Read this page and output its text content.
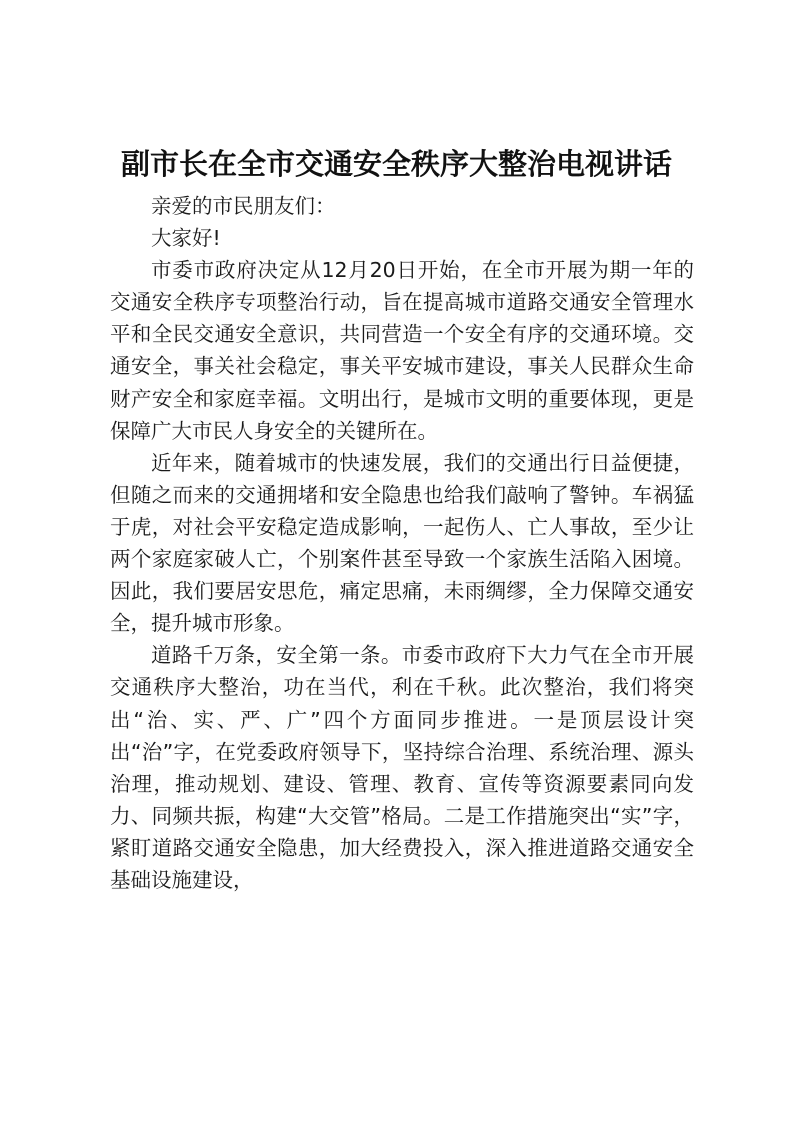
副市长在全市交通安全秩序大整治电视讲话

亲爱的市民朋友们：

大家好!

市委市政府决定从12月20日开始，在全市开展为期一年的交通安全秩序专项整治行动，旨在提高城市道路交通安全管理水平和全民交通安全意识，共同营造一个安全有序的交通环境。交通安全，事关社会稳定，事关平安城市建设，事关人民群众生命财产安全和家庭幸福。文明出行，是城市文明的重要体现，更是保障广大市民人身安全的关键所在。

近年来，随着城市的快速发展，我们的交通出行日益便捷，但随之而来的交通拥堵和安全隐患也给我们敲响了警钟。车祸猛于虎，对社会平安稳定造成影响，一起伤人、亡人事故，至少让两个家庭家破人亡，个别案件甚至导致一个家族生活陷入困境。因此，我们要居安思危，痛定思痛，未雨绸缪，全力保障交通安全，提升城市形象。

道路千万条，安全第一条。市委市政府下大力气在全市开展交通秩序大整治，功在当代，利在千秋。此次整治，我们将突出“治、实、严、广”四个方面同步推进。一是顶层设计突出“治”字，在党委政府领导下，坚持综合治理、系统治理、源头治理，推动规划、建设、管理、教育、宣传等资源要素同向发力、同频共振，构建“大交管”格局。二是工作措施突出“实”字，紧盯道路交通安全隐患，加大经费投入，深入推进道路交通安全基础设施建设，
